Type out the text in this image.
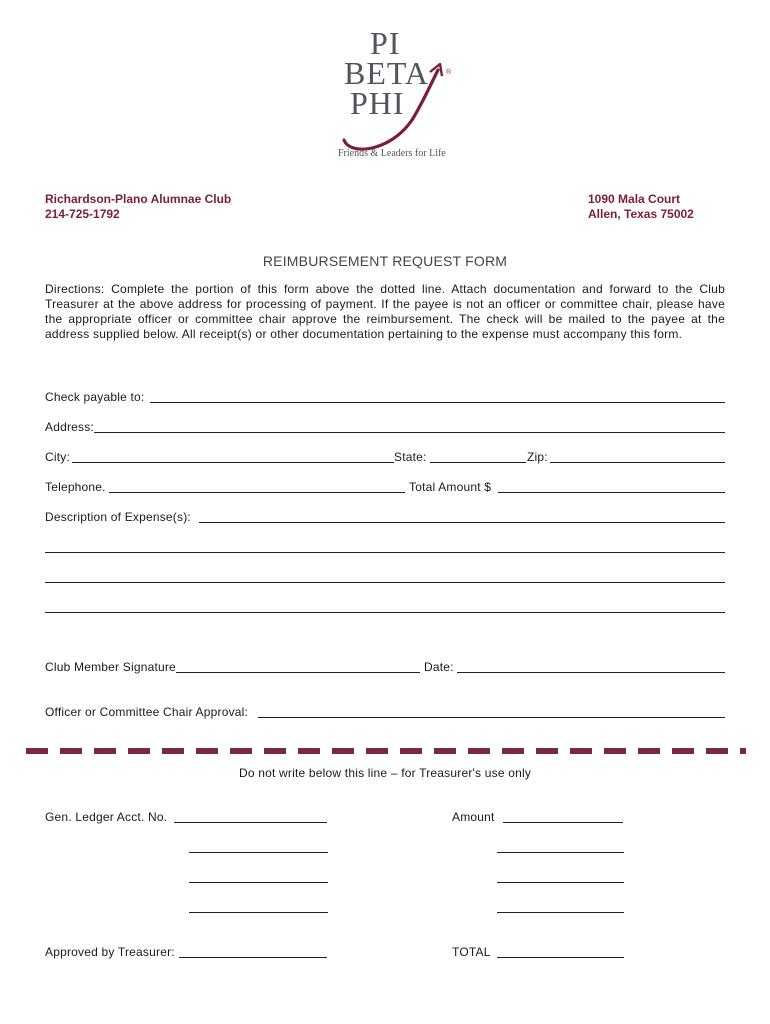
®
PI
BETA
PHI
Friends & Leaders for Life
Richardson-Plano Alumnae Club
214-725-1792
1090 Mala Court
Allen, Texas 75002
REIMBURSEMENT REQUEST FORM
Directions: Complete the portion of this form above the dotted line. Attach documentation and forward to the Club Treasurer at the above address for processing of payment. If the payee is not an officer or committee chair, please have the appropriate officer or committee chair approve the reimbursement. The check will be mailed to the payee at the address supplied below. All receipt(s) or other documentation pertaining to the expense must accompany this form.
Check payable to:
Address:
City:	State:	Zip:
Telephone.	Total Amount $
Description of Expense(s):
Club Member Signature	Date:
Officer or Committee Chair Approval:
Do not write below this line – for Treasurer's use only
Gen. Ledger Acct. No.	Amount
Approved by Treasurer:	TOTAL
